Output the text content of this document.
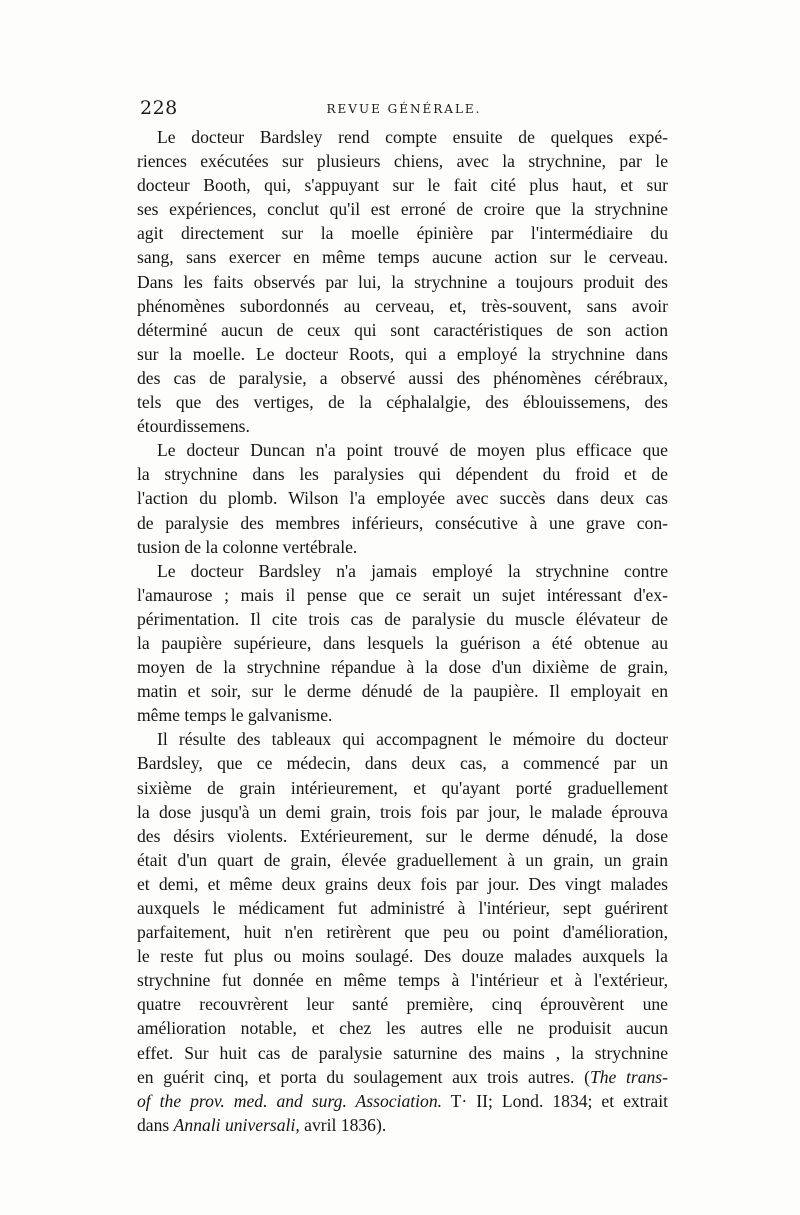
228	REVUE GÉNÉRALE.
Le docteur Bardsley rend compte ensuite de quelques expé-
riences exécutées sur plusieurs chiens, avec la strychnine, par le
docteur Booth, qui, s'appuyant sur le fait cité plus haut, et sur
ses expériences, conclut qu'il est erroné de croire que la strychnine
agit directement sur la moelle épinière par l'intermédiaire du
sang, sans exercer en même temps aucune action sur le cerveau.
Dans les faits observés par lui, la strychnine a toujours produit des
phénomènes subordonnés au cerveau, et, très-souvent, sans avoir
déterminé aucun de ceux qui sont caractéristiques de son action
sur la moelle. Le docteur Roots, qui a employé la strychnine dans
des cas de paralysie, a observé aussi des phénomènes cérébraux,
tels que des vertiges, de la céphalalgie, des éblouissemens, des
étourdissemens.
Le docteur Duncan n'a point trouvé de moyen plus efficace que
la strychnine dans les paralysies qui dépendent du froid et de
l'action du plomb. Wilson l'a employée avec succès dans deux cas
de paralysie des membres inférieurs, consécutive à une grave con-
tusion de la colonne vertébrale.
Le docteur Bardsley n'a jamais employé la strychnine contre
l'amaurose ; mais il pense que ce serait un sujet intéressant d'ex-
périmentation. Il cite trois cas de paralysie du muscle élévateur de
la paupière supérieure, dans lesquels la guérison a été obtenue au
moyen de la strychnine répandue à la dose d'un dixième de grain,
matin et soir, sur le derme dénudé de la paupière. Il employait en
même temps le galvanisme.
Il résulte des tableaux qui accompagnent le mémoire du docteur
Bardsley, que ce médecin, dans deux cas, a commencé par un
sixième de grain intérieurement, et qu'ayant porté graduellement
la dose jusqu'à un demi grain, trois fois par jour, le malade éprouva
des désirs violents. Extérieurement, sur le derme dénudé, la dose
était d'un quart de grain, élevée graduellement à un grain, un grain
et demi, et même deux grains deux fois par jour. Des vingt malades
auxquels le médicament fut administré à l'intérieur, sept guérirent
parfaitement, huit n'en retirèrent que peu ou point d'amélioration,
le reste fut plus ou moins soulagé. Des douze malades auxquels la
strychnine fut donnée en même temps à l'intérieur et à l'extérieur,
quatre recouvrèrent leur santé première, cinq éprouvèrent une
amélioration notable, et chez les autres elle ne produisit aucun
effet. Sur huit cas de paralysie saturnine des mains , la strychnine
en guérit cinq, et porta du soulagement aux trois autres. (The trans-
of the prov. med. and surg. Association. T· II; Lond. 1834; et extrait
dans Annali universali, avril 1836).
